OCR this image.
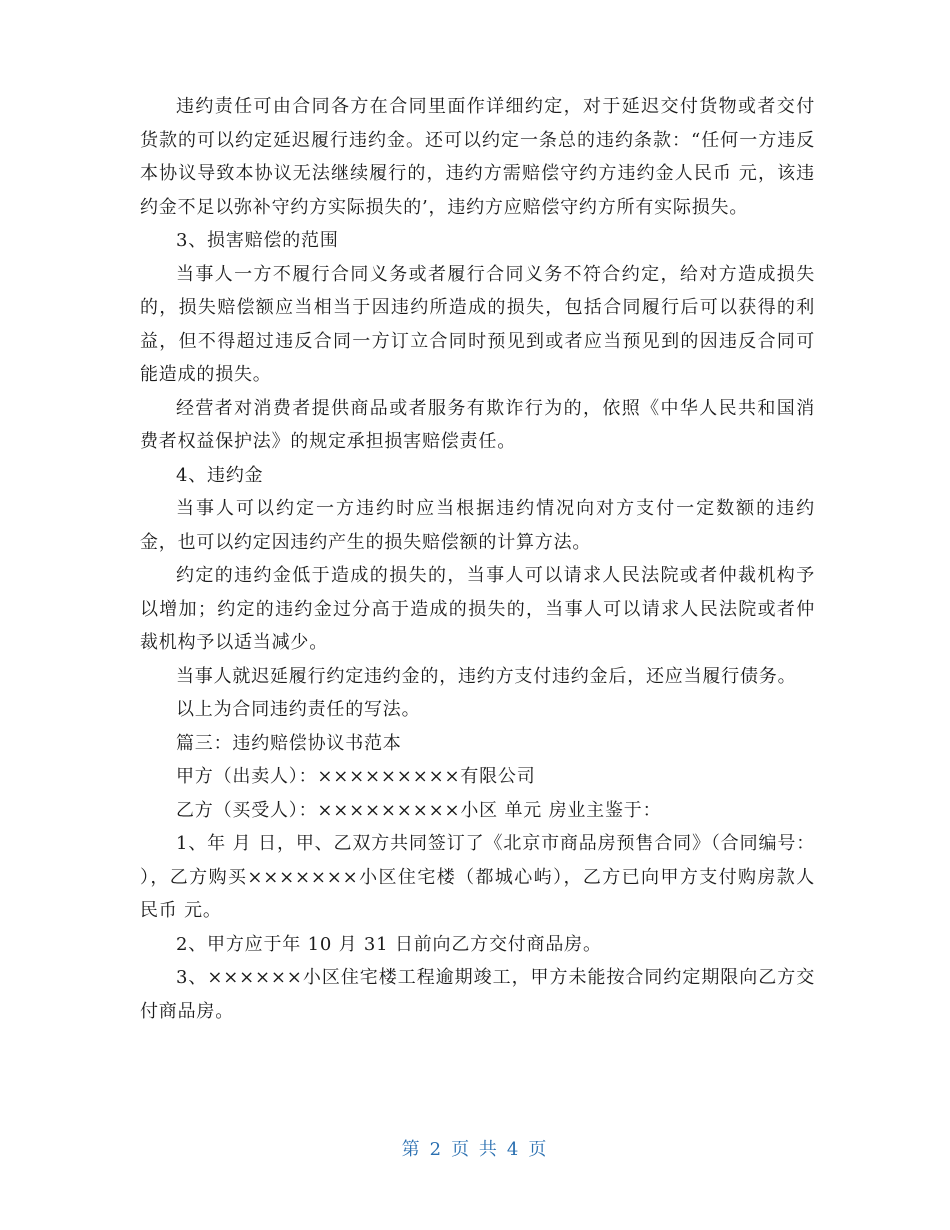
违约责任可由合同各方在合同里面作详细约定，对于延迟交付货物或者交付货款的可以约定延迟履行违约金。还可以约定一条总的违约条款：“任何一方违反本协议导致本协议无法继续履行的，违约方需赔偿守约方违约金人民币 元，该违约金不足以弥补守约方实际损失的’，违约方应赔偿守约方所有实际损失。

3、损害赔偿的范围

当事人一方不履行合同义务或者履行合同义务不符合约定，给对方造成损失的，损失赔偿额应当相当于因违约所造成的损失，包括合同履行后可以获得的利益，但不得超过违反合同一方订立合同时预见到或者应当预见到的因违反合同可能造成的损失。

经营者对消费者提供商品或者服务有欺诈行为的，依照《中华人民共和国消费者权益保护法》的规定承担损害赔偿责任。

4、违约金

当事人可以约定一方违约时应当根据违约情况向对方支付一定数额的违约金，也可以约定因违约产生的损失赔偿额的计算方法。

约定的违约金低于造成的损失的，当事人可以请求人民法院或者仲裁机构予以增加；约定的违约金过分高于造成的损失的，当事人可以请求人民法院或者仲裁机构予以适当减少。

当事人就迟延履行约定违约金的，违约方支付违约金后，还应当履行债务。

以上为合同违约责任的写法。

篇三：违约赔偿协议书范本

甲方（出卖人）：×××××××××有限公司

乙方（买受人）：×××××××××小区 单元 房业主鉴于：

1、年 月 日，甲、乙双方共同签订了《北京市商品房预售合同》（合同编号： ），乙方购买×××××××小区住宅楼（都城心屿），乙方已向甲方支付购房款人民币 元。

2、甲方应于年 10 月 31 日前向乙方交付商品房。

3、××××××小区住宅楼工程逾期竣工，甲方未能按合同约定期限向乙方交付商品房。

第 2 页 共 4 页
